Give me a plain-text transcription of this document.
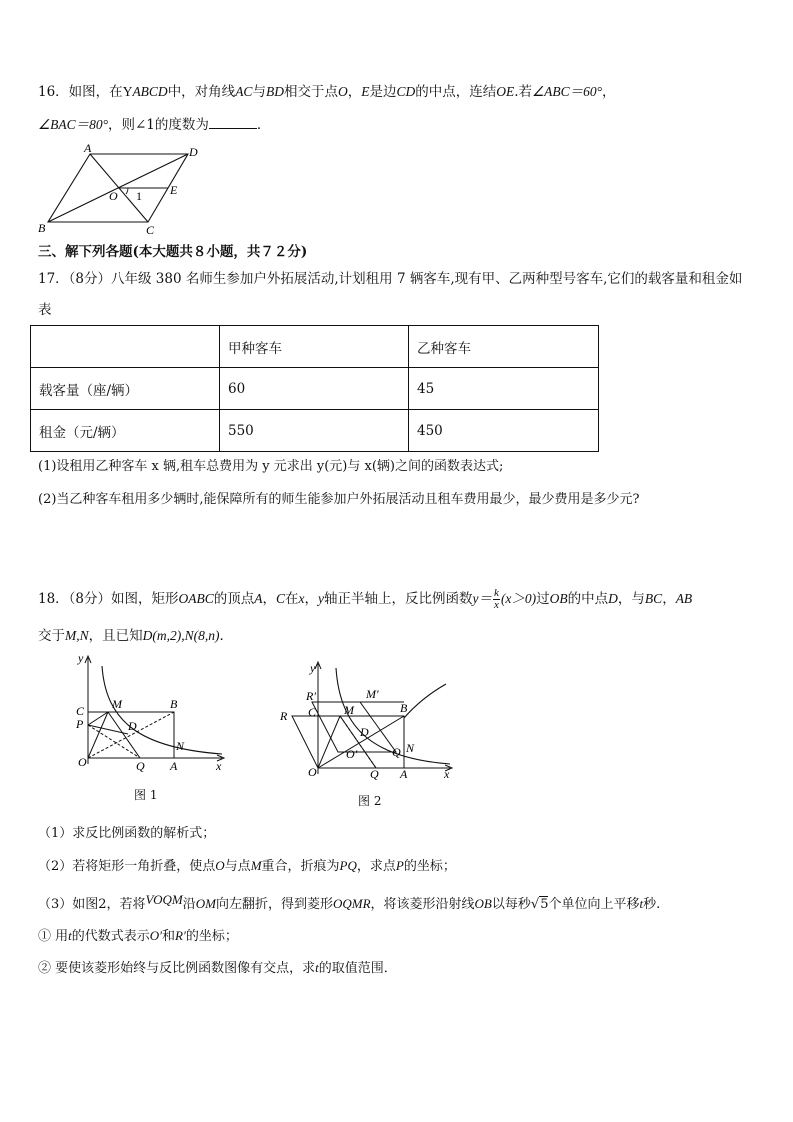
16．如图，在YABCD中，对角线AC与BD相交于点O，E是边CD的中点，连结OE.若∠ABC＝60°，
∠BAC＝80°，则∠1的度数为	．
A	D
O 1 E
B	C
三、解下列各题(本大题共８小题，共７２分)
17．（8分）八年级 380 名师生参加户外拓展活动,计划租用 7 辆客车,现有甲、乙两种型号客车,它们的载客量和租金如
表
	甲种客车	乙种客车
载客量（座/辆）	60	45
租金（元/辆）	550	450
(1)设租用乙种客车 x 辆,租车总费用为 y 元求出 y(元)与 x(辆)之间的函数表达式;
(2)当乙种客车租用多少辆时,能保障所有的师生能参加户外拓展活动且租车费用最少，最少费用是多少元?
18．（8分）如图，矩形OABC的顶点A，C在x，y轴正半轴上，反比例函数$y= \frac{k}{x} (x>0)$过OB的中点D，与BC，AB
交于M,N，且已知D(m,2),N(8,n)．
y
C M	B
P	D
N
O	Q A	x
图 1
y
R′	M′
C M	B
R
D
O′	Q N
O	Q A	x
图 2
（1）求反比例函数的解析式；
（2）若将矩形一角折叠，使点O与点M重合，折痕为PQ，求点P的坐标；
（3）如图2，若将VOQM沿OM向左翻折，得到菱形OQMR，将该菱形沿射线OB以每秒√5个单位向上平移t秒.
① 用t的代数式表示O′和R′的坐标；
② 要使该菱形始终与反比例函数图像有交点，求t的取值范围．
